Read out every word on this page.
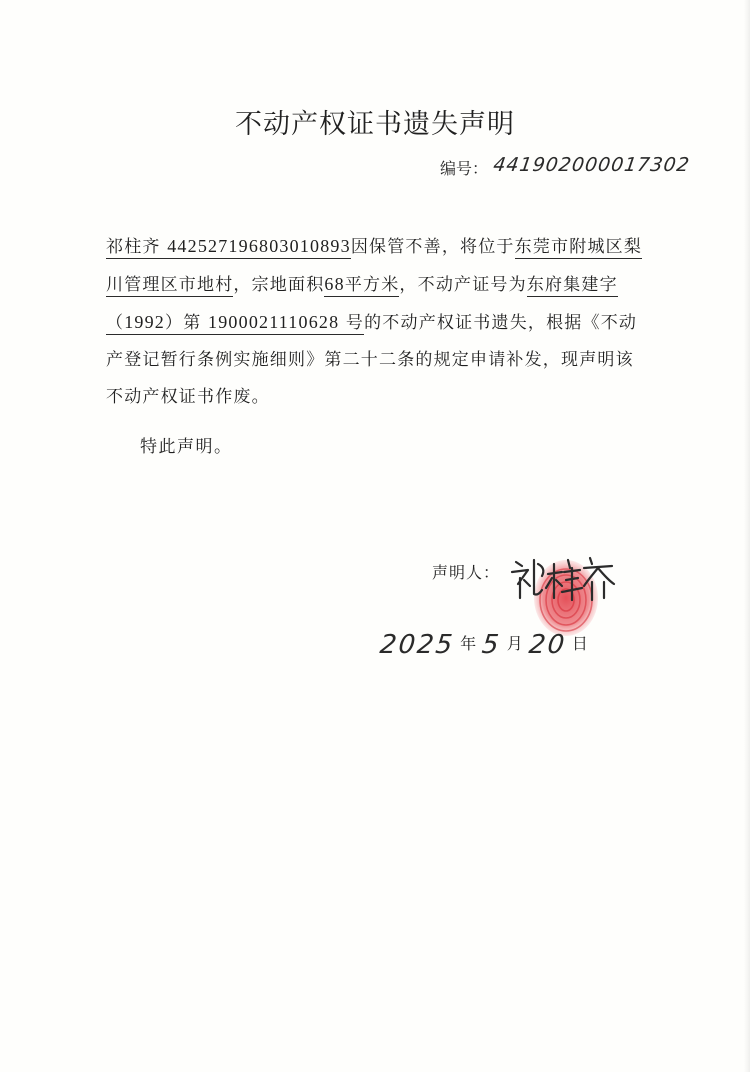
不动产权证书遗失声明
编号： 441902000017302

祁柱齐 442527196803010893因保管不善，将位于东莞市附城区梨川管理区市地村，宗地面积68平方米，不动产证号为东府集建字（1992）第 1900021110628 号的不动产权证书遗失，根据《不动产登记暂行条例实施细则》第二十二条的规定申请补发，现声明该不动产权证书作废。

特此声明。
声明人：
2025 年 5 月 20 日
